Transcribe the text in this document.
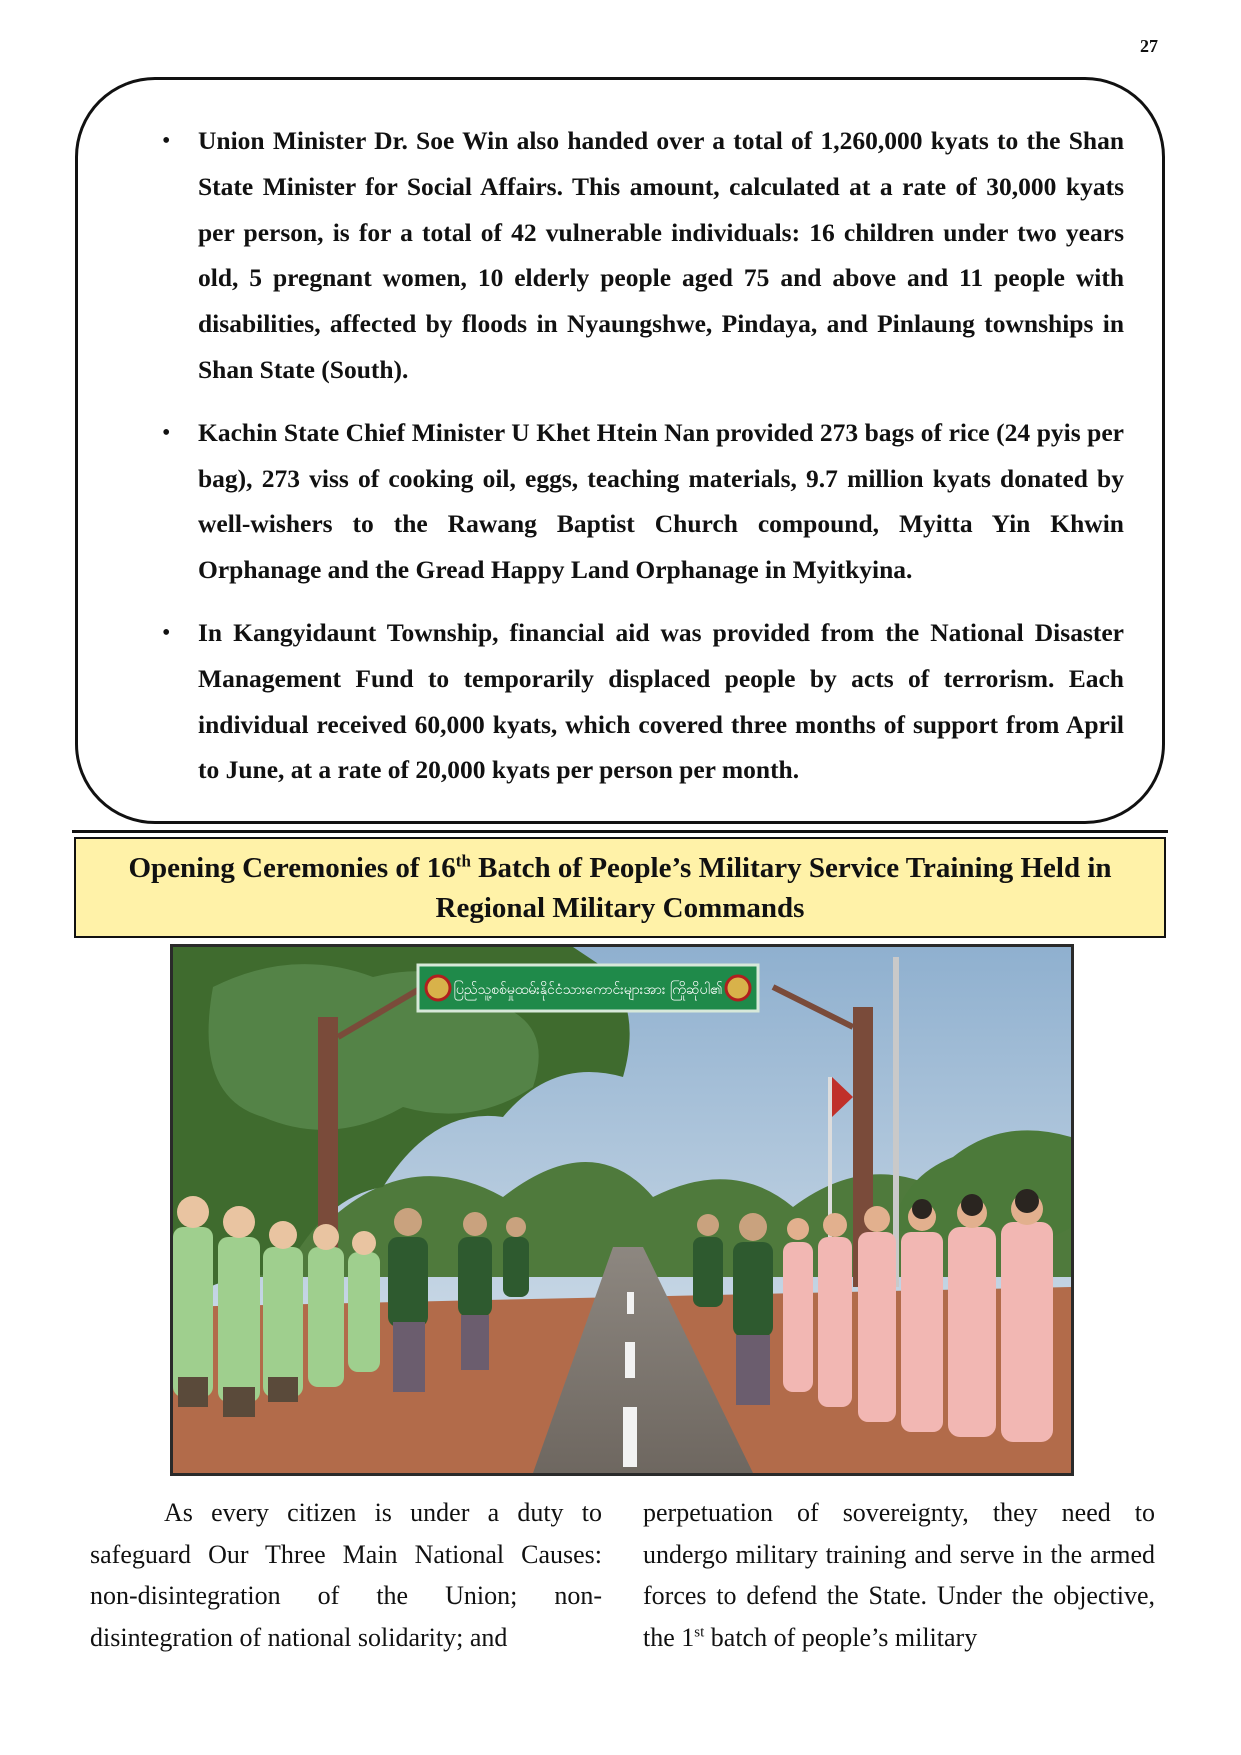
27
• Union Minister Dr. Soe Win also handed over a total of 1,260,000 kyats to the Shan State Minister for Social Affairs. This amount, calculated at a rate of 30,000 kyats per person, is for a total of 42 vulnerable individuals: 16 children under two years old, 5 pregnant women, 10 elderly people aged 75 and above and 11 people with disabilities, affected by floods in Nyaungshwe, Pindaya, and Pinlaung townships in Shan State (South).

• Kachin State Chief Minister U Khet Htein Nan provided 273 bags of rice (24 pyis per bag), 273 viss of cooking oil, eggs, teaching materials, 9.7 million kyats donated by well-wishers to the Rawang Baptist Church compound, Myitta Yin Khwin Orphanage and the Gread Happy Land Orphanage in Myitkyina.

• In Kangyidaunt Township, financial aid was provided from the National Disaster Management Fund to temporarily displaced people by acts of terrorism. Each individual received 60,000 kyats, which covered three months of support from April to June, at a rate of 20,000 kyats per person per month.

Opening Ceremonies of 16th Batch of People’s Military Service Training Held in Regional Military Commands
ပြည်သူ့စစ်မှုထမ်းနိုင်ငံသားကောင်းများအား ကြိုဆိုပါ၏

As every citizen is under a duty to safeguard Our Three Main National Causes: non-disintegration of the Union; non-disintegration of national solidarity; and

perpetuation of sovereignty, they need to undergo military training and serve in the armed forces to defend the State. Under the objective, the 1st batch of people’s military
